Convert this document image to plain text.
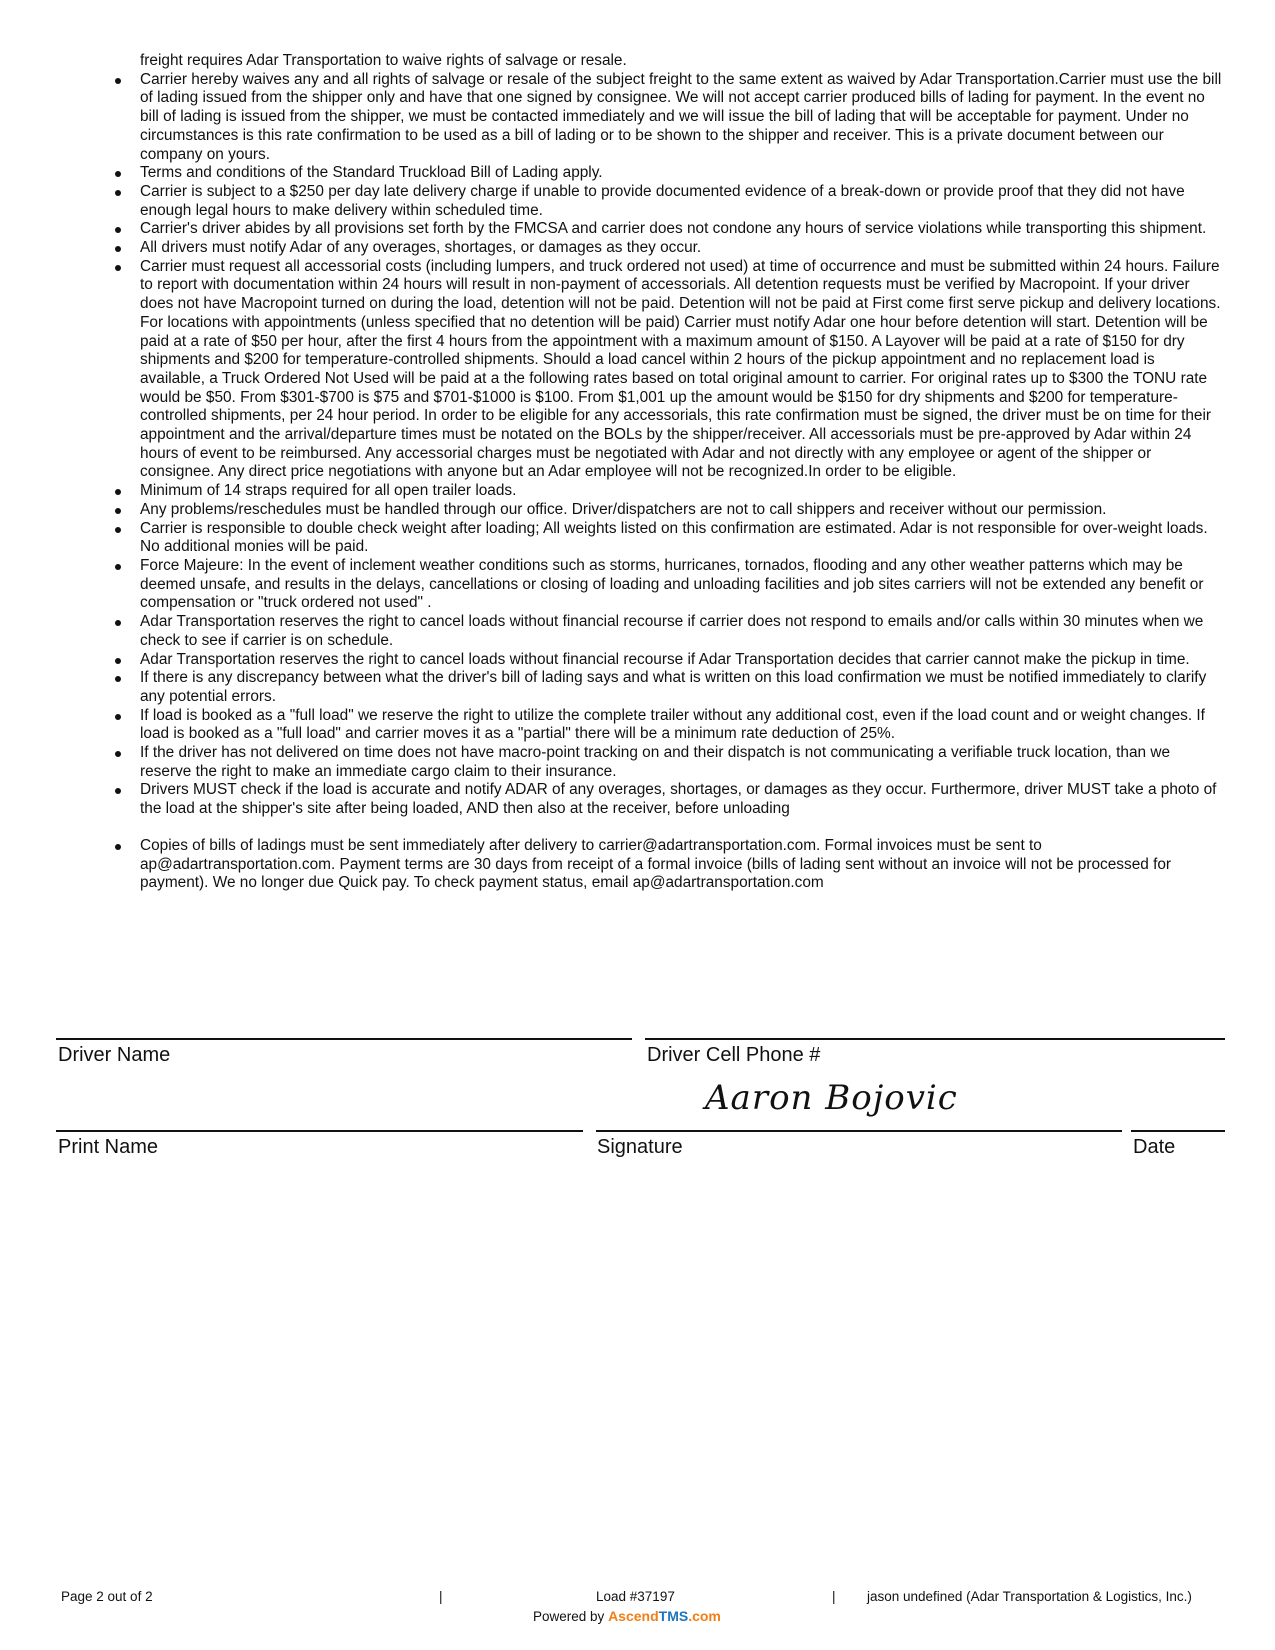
freight requires Adar Transportation to waive rights of salvage or resale.

Carrier hereby waives any and all rights of salvage or resale of the subject freight to the same extent as waived by Adar Transportation.Carrier must use the bill of lading issued from the shipper only and have that one signed by consignee. We will not accept carrier produced bills of lading for payment. In the event no bill of lading is issued from the shipper, we must be contacted immediately and we will issue the bill of lading that will be acceptable for payment. Under no circumstances is this rate confirmation to be used as a bill of lading or to be shown to the shipper and receiver. This is a private document between our company on yours.
Terms and conditions of the Standard Truckload Bill of Lading apply.
Carrier is subject to a $250 per day late delivery charge if unable to provide documented evidence of a break-down or provide proof that they did not have enough legal hours to make delivery within scheduled time.
Carrier's driver abides by all provisions set forth by the FMCSA and carrier does not condone any hours of service violations while transporting this shipment.
All drivers must notify Adar of any overages, shortages, or damages as they occur.
Carrier must request all accessorial costs (including lumpers, and truck ordered not used) at time of occurrence and must be submitted within 24 hours. Failure to report with documentation within 24 hours will result in non-payment of accessorials. All detention requests must be verified by Macropoint. If your driver does not have Macropoint turned on during the load, detention will not be paid. Detention will not be paid at First come first serve pickup and delivery locations. For locations with appointments (unless specified that no detention will be paid) Carrier must notify Adar one hour before detention will start. Detention will be paid at a rate of $50 per hour, after the first 4 hours from the appointment with a maximum amount of $150. A Layover will be paid at a rate of $150 for dry shipments and $200 for temperature-controlled shipments. Should a load cancel within 2 hours of the pickup appointment and no replacement load is available, a Truck Ordered Not Used will be paid at a the following rates based on total original amount to carrier. For original rates up to $300 the TONU rate would be $50. From $301-$700 is $75 and $701-$1000 is $100. From $1,001 up the amount would be $150 for dry shipments and $200 for temperature-controlled shipments, per 24 hour period. In order to be eligible for any accessorials, this rate confirmation must be signed, the driver must be on time for their appointment and the arrival/departure times must be notated on the BOLs by the shipper/receiver. All accessorials must be pre-approved by Adar within 24 hours of event to be reimbursed. Any accessorial charges must be negotiated with Adar and not directly with any employee or agent of the shipper or consignee. Any direct price negotiations with anyone but an Adar employee will not be recognized.In order to be eligible.
Minimum of 14 straps required for all open trailer loads.
Any problems/reschedules must be handled through our office. Driver/dispatchers are not to call shippers and receiver without our permission.
Carrier is responsible to double check weight after loading; All weights listed on this confirmation are estimated. Adar is not responsible for over-weight loads. No additional monies will be paid.
Force Majeure: In the event of inclement weather conditions such as storms, hurricanes, tornados, flooding and any other weather patterns which may be deemed unsafe, and results in the delays, cancellations or closing of loading and unloading facilities and job sites carriers will not be extended any benefit or compensation or "truck ordered not used" .
Adar Transportation reserves the right to cancel loads without financial recourse if carrier does not respond to emails and/or calls within 30 minutes when we check to see if carrier is on schedule.
Adar Transportation reserves the right to cancel loads without financial recourse if Adar Transportation decides that carrier cannot make the pickup in time.
If there is any discrepancy between what the driver's bill of lading says and what is written on this load confirmation we must be notified immediately to clarify any potential errors.
If load is booked as a "full load" we reserve the right to utilize the complete trailer without any additional cost, even if the load count and or weight changes. If load is booked as a "full load" and carrier moves it as a "partial" there will be a minimum rate deduction of 25%.
If the driver has not delivered on time does not have macro-point tracking on and their dispatch is not communicating a verifiable truck location, than we reserve the right to make an immediate cargo claim to their insurance.
Drivers MUST check if the load is accurate and notify ADAR of any overages, shortages, or damages as they occur. Furthermore, driver MUST take a photo of the load at the shipper's site after being loaded, AND then also at the receiver, before unloading
Copies of bills of ladings must be sent immediately after delivery to carrier@adartransportation.com. Formal invoices must be sent to ap@adartransportation.com. Payment terms are 30 days from receipt of a formal invoice (bills of lading sent without an invoice will not be processed for payment). We no longer due Quick pay. To check payment status, email ap@adartransportation.com
Driver Name	Driver Cell Phone #
Aaron Bojovic
Print Name	Signature	Date
Page 2 out of 2	|	Load #37197	| jason undefined (Adar Transportation & Logistics, Inc.)
Powered by AscendTMS.com
